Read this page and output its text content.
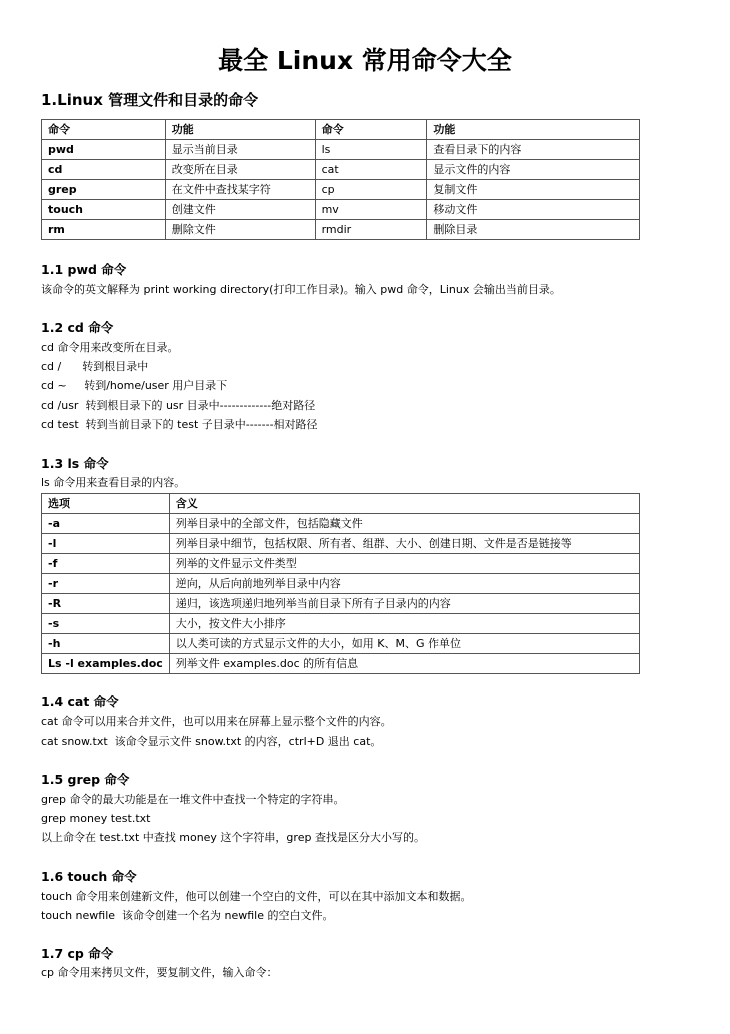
最全 Linux 常用命令大全
1.Linux 管理文件和目录的命令
命令	功能	命令	功能
pwd	显示当前目录	ls	查看目录下的内容
cd	改变所在目录	cat	显示文件的内容
grep	在文件中查找某字符	cp	复制文件
touch	创建文件	mv	移动文件
rm	删除文件	rmdir	删除目录
1.1 pwd 命令
该命令的英文解释为 print working directory(打印工作目录)。输入 pwd 命令，Linux 会输出当前目录。
1.2 cd 命令
cd 命令用来改变所在目录。
cd /      转到根目录中
cd ~     转到/home/user 用户目录下
cd /usr  转到根目录下的 usr 目录中-------------绝对路径
cd test  转到当前目录下的 test 子目录中-------相对路径
1.3 ls 命令
ls 命令用来查看目录的内容。
选项	含义
-a	列举目录中的全部文件，包括隐藏文件
-l	列举目录中细节，包括权限、所有者、组群、大小、创建日期、文件是否是链接等
-f	列举的文件显示文件类型
-r	逆向，从后向前地列举目录中内容
-R	递归，该选项递归地列举当前目录下所有子目录内的内容
-s	大小，按文件大小排序
-h	以人类可读的方式显示文件的大小，如用 K、M、G 作单位
Ls -l examples.doc	列举文件 examples.doc 的所有信息
1.4 cat 命令
cat 命令可以用来合并文件，也可以用来在屏幕上显示整个文件的内容。
cat snow.txt  该命令显示文件 snow.txt 的内容，ctrl+D 退出 cat。
1.5 grep 命令
grep 命令的最大功能是在一堆文件中查找一个特定的字符串。
grep money test.txt
以上命令在 test.txt 中查找 money 这个字符串，grep 查找是区分大小写的。
1.6 touch 命令
touch 命令用来创建新文件，他可以创建一个空白的文件，可以在其中添加文本和数据。
touch newfile  该命令创建一个名为 newfile 的空白文件。
1.7 cp 命令
cp 命令用来拷贝文件，要复制文件，输入命令：
